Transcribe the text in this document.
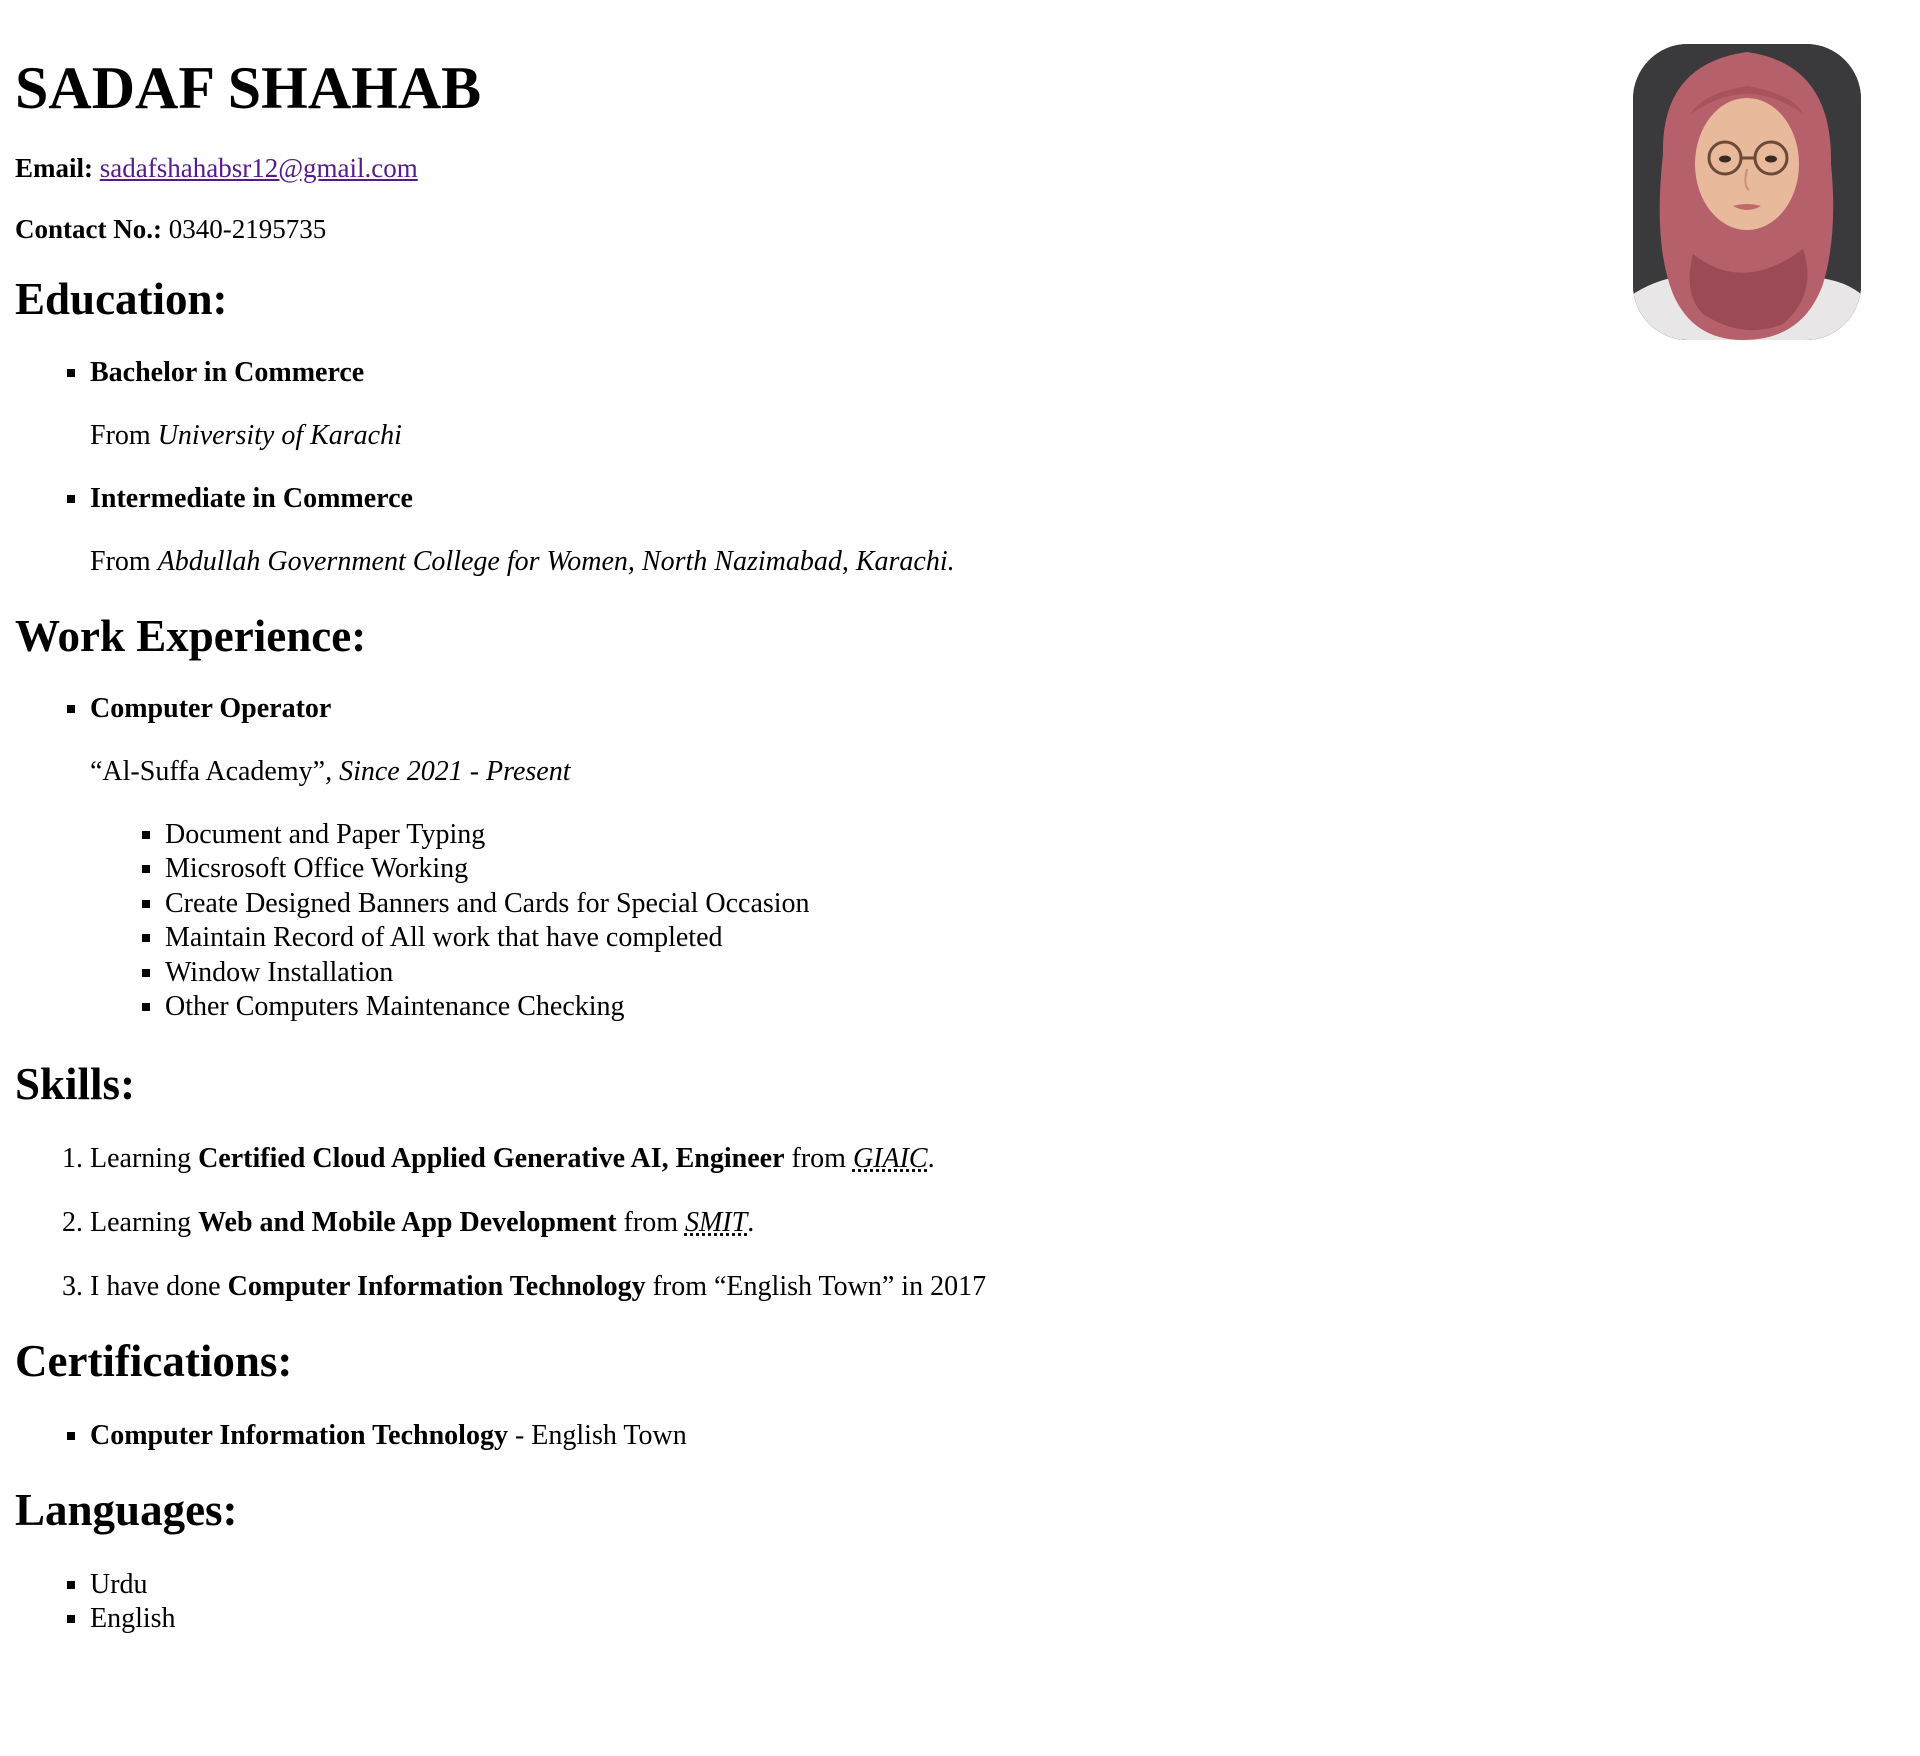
SADAF SHAHAB

Email: sadafshahabsr12@gmail.com

Contact No.: 0340-2195735

Education:
▪ Bachelor in Commerce

From University of Karachi

▪ Intermediate in Commerce

From Abdullah Government College for Women, North Nazimabad, Karachi.

Work Experience:
▪ Computer Operator

“Al-Suffa Academy”, Since 2021 - Present

▪ Document and Paper Typing
▪ Micsrosoft Office Working
▪ Create Designed Banners and Cards for Special Occasion
▪ Maintain Record of All work that have completed
▪ Window Installation
▪ Other Computers Maintenance Checking
Skills:
1. Learning Certified Cloud Applied Generative AI, Engineer from GIAIC.
2. Learning Web and Mobile App Development from SMIT.
3. I have done Computer Information Technology from “English Town” in 2017
Certifications:
▪ Computer Information Technology - English Town
Languages:
▪ Urdu
▪ English
